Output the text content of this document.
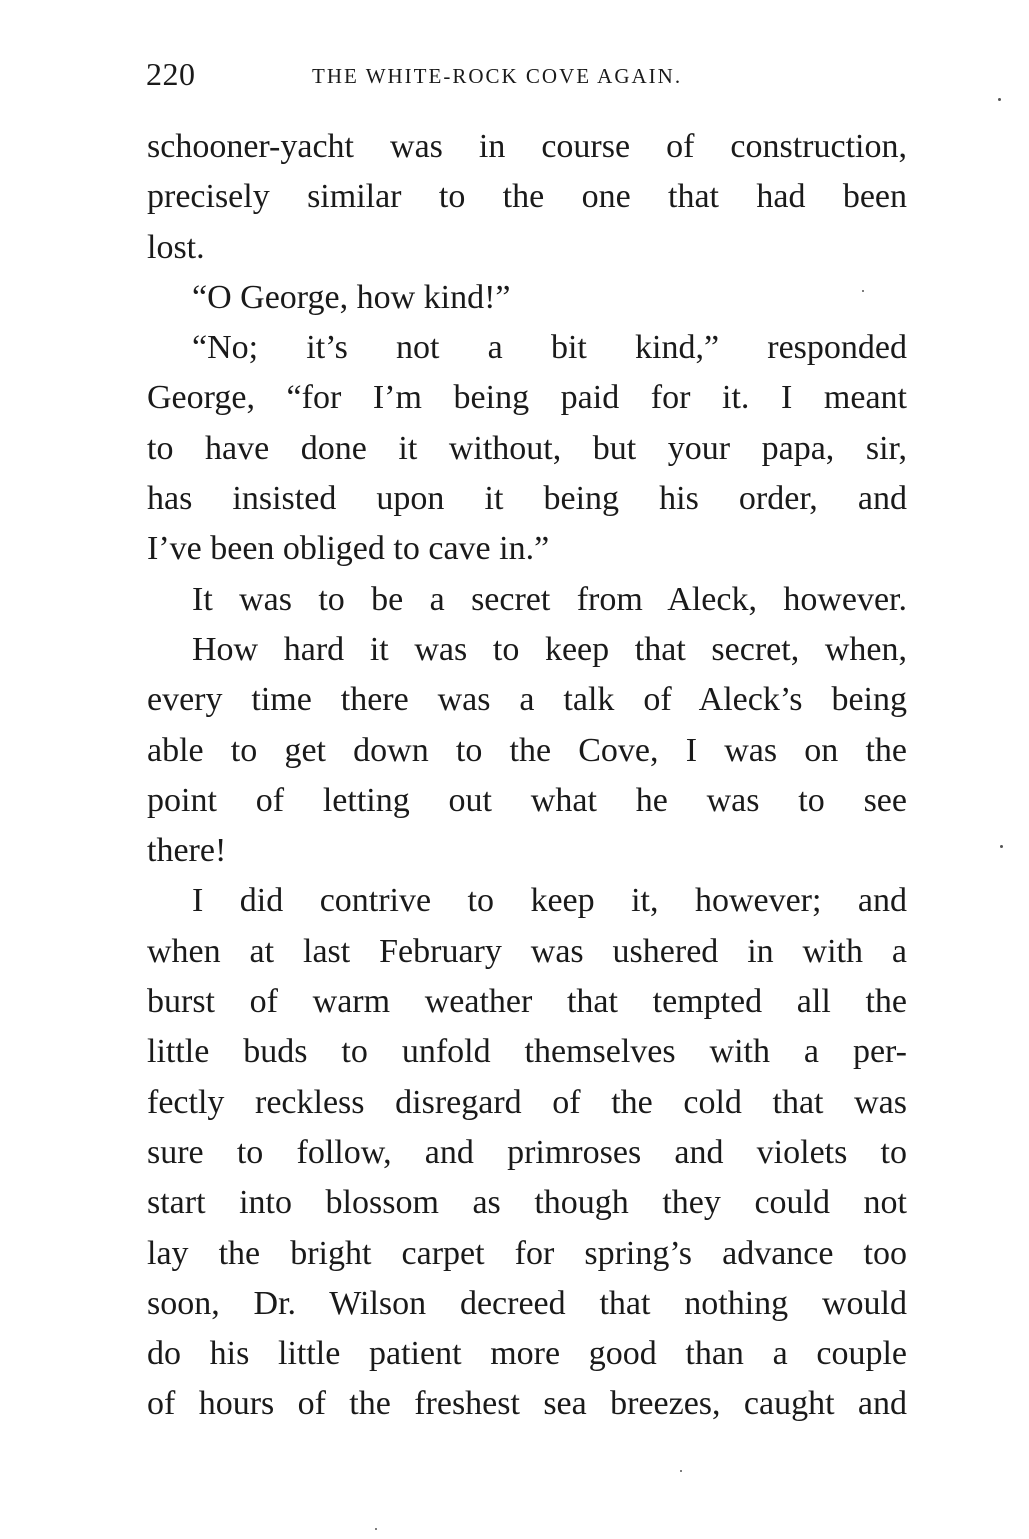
220	THE WHITE-ROCK COVE AGAIN.
schooner-yacht was in course of construction,
precisely similar to the one that had been
lost.
“O George, how kind!”
“No; it’s not a bit kind,” responded
George, “for I’m being paid for it. I meant
to have done it without, but your papa, sir,
has insisted upon it being his order, and
I’ve been obliged to cave in.”
It was to be a secret from Aleck, however.
How hard it was to keep that secret, when,
every time there was a talk of Aleck’s being
able to get down to the Cove, I was on the
point of letting out what he was to see
there!
I did contrive to keep it, however; and
when at last February was ushered in with a
burst of warm weather that tempted all the
little buds to unfold themselves with a per-
fectly reckless disregard of the cold that was
sure to follow, and primroses and violets to
start into blossom as though they could not
lay the bright carpet for spring’s advance too
soon, Dr. Wilson decreed that nothing would
do his little patient more good than a couple
of hours of the freshest sea breezes, caught and
